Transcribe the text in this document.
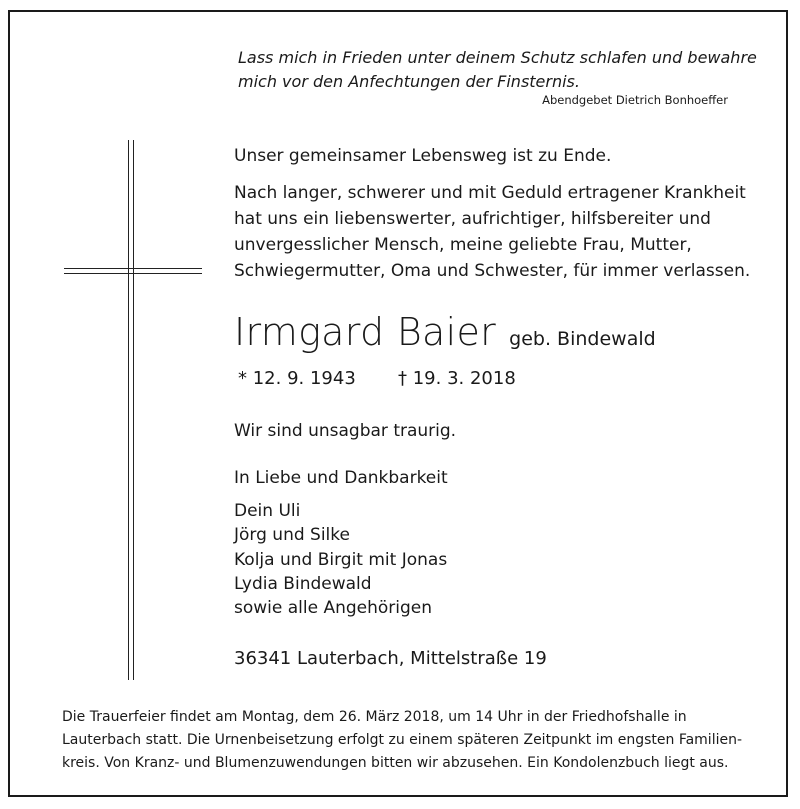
Lass mich in Frieden unter deinem Schutz schlafen und bewahre
mich vor den Anfechtungen der Finsternis.
Abendgebet Dietrich Bonhoeffer
Unser gemeinsamer Lebensweg ist zu Ende.
Nach langer, schwerer und mit Geduld ertragener Krankheit
hat uns ein liebenswerter, aufrichtiger, hilfsbereiter und
unvergesslicher Mensch, meine geliebte Frau, Mutter,
Schwiegermutter, Oma und Schwester, für immer verlassen.
Irmgard Baier geb. Bindewald
* 12. 9. 1943 † 19. 3. 2018
Wir sind unsagbar traurig.
In Liebe und Dankbarkeit
Dein Uli
Jörg und Silke
Kolja und Birgit mit Jonas
Lydia Bindewald
sowie alle Angehörigen
36341 Lauterbach, Mittelstraße 19
Die Trauerfeier findet am Montag, dem 26. März 2018, um 14 Uhr in der Friedhofshalle in
Lauterbach statt. Die Urnenbeisetzung erfolgt zu einem späteren Zeitpunkt im engsten Familien-
kreis. Von Kranz- und Blumenzuwendungen bitten wir abzusehen. Ein Kondolenzbuch liegt aus.
